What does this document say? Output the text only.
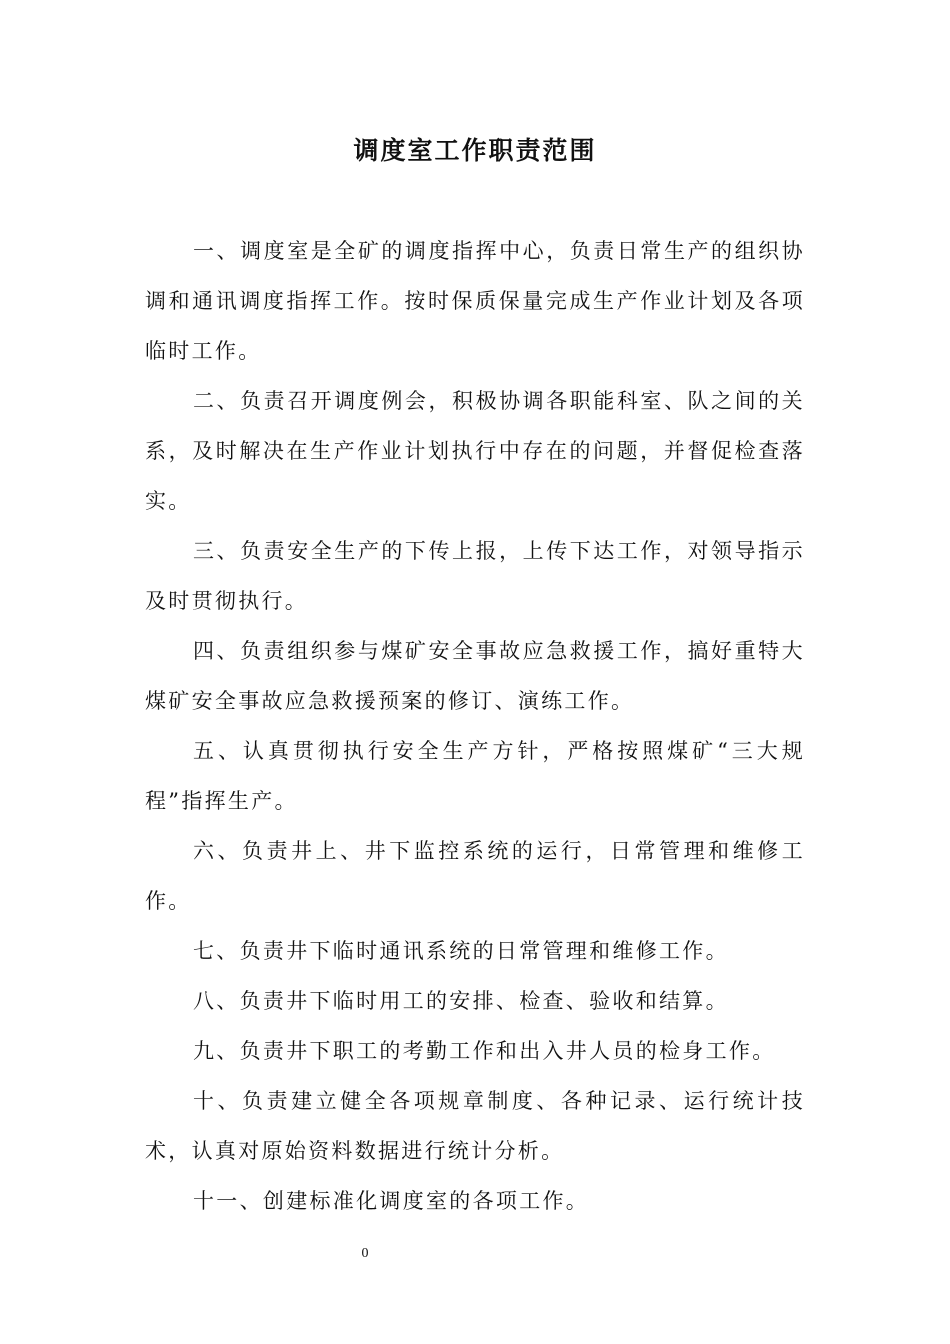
调度室工作职责范围

一、调度室是全矿的调度指挥中心，负责日常生产的组织协调和通讯调度指挥工作。按时保质保量完成生产作业计划及各项临时工作。

二、负责召开调度例会，积极协调各职能科室、队之间的关系，及时解决在生产作业计划执行中存在的问题，并督促检查落实。

三、负责安全生产的下传上报，上传下达工作，对领导指示及时贯彻执行。

四、负责组织参与煤矿安全事故应急救援工作，搞好重特大煤矿安全事故应急救援预案的修订、演练工作。

五、认真贯彻执行安全生产方针，严格按照煤矿“三大规程”指挥生产。

六、负责井上、井下监控系统的运行，日常管理和维修工作。

七、负责井下临时通讯系统的日常管理和维修工作。

八、负责井下临时用工的安排、检查、验收和结算。

九、负责井下职工的考勤工作和出入井人员的检身工作。

十、负责建立健全各项规章制度、各种记录、运行统计技术，认真对原始资料数据进行统计分析。

十一、创建标准化调度室的各项工作。

0
